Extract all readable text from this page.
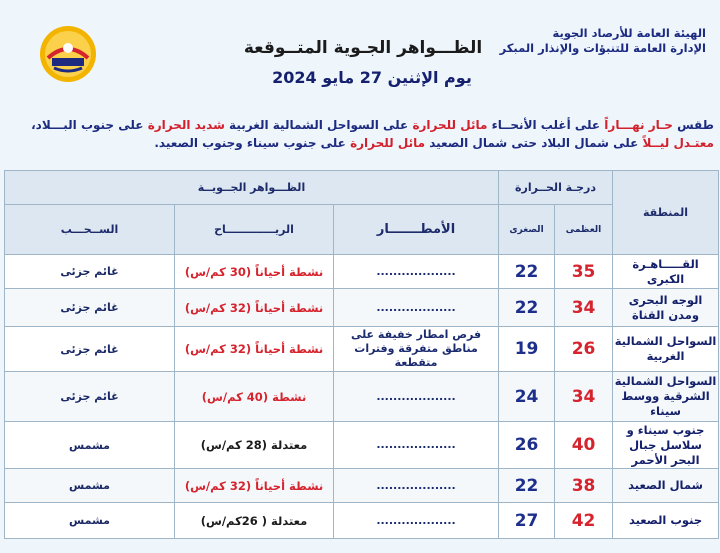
الهيئة العامة للأرصاد الجوية
الإدارة العامة للتنبؤات والإنذار المبكر
الظـــواهر الجـوية المتــوقعة
يوم الإثنين 27 مايو 2024
طقس حـار نهـــاراً على أغلب الأنحــاء مائل للحرارة على السواحل الشمالية الغربية شديد الحرارة على جنوب البـــلاد،
معتـدل ليــلاً على شمال البلاد حتى شمال الصعيد مائل للحرارة على جنوب سيناء وجنوب الصعيد.
المنطقة	درجـة الحــرارة		الظـــواهر الجــويــة		
	العظمى	الصغرى	الأمطـــــــار	الريـــــــــــــاح	الســحـــب
القـــــاهـرة الكبرى	35	22	...................	نشطة أحياناً (30 كم/س)	غائم جزئى
الوجه البحرى ومدن القناة	34	22	...................	نشطة أحياناً (32 كم/س)	غائم جزئى
السواحل الشمالية الغربية	26	19	فرص امطار خفيفة على مناطق متفرقة وفترات متقطعة	نشطة أحياناً (32 كم/س)	غائم جزئى
السواحل الشمالية الشرقية ووسط سيناء	34	24	...................	نشطة (40 كم/س)	غائم جزئى
جنوب سيناء و سلاسل جبال البحر الأحمر	40	26	...................	معتدلة (28 كم/س)	مشمس
شمال الصعيد	38	22	...................	نشطة أحياناً (32 كم/س)	مشمس
جنوب الصعيد	42	27	...................	معتدلة ( 26كم/س)	مشمس
